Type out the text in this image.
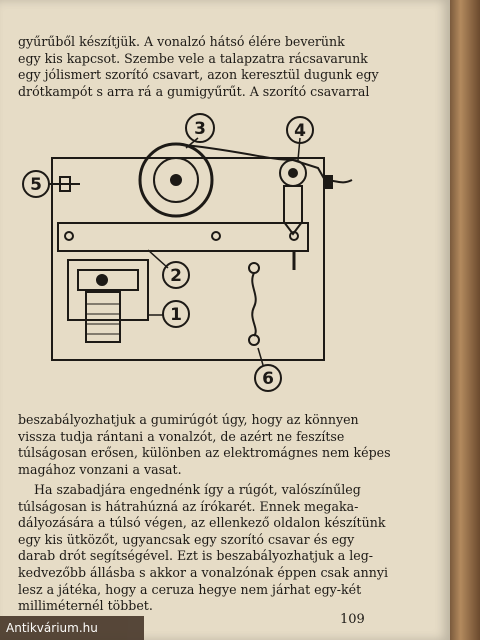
gyűrűből készítjük. A vonalzó hátsó élére beverünk
egy kis kapcsot. Szembe vele a talapzatra rácsavarunk
egy jólismert szorító csavart, azon keresztül dugunk egy
drótkampót s arra rá a gumigyűrűt. A szorító csavarral

1
2
3	4
5
6

beszabályozhatjuk a gumirúgót úgy, hogy az könnyen
vissza tudja rántani a vonalzót, de azért ne feszítse
túlságosan erősen, különben az elektromágnes nem képes
magához vonzani a vasat.

Ha szabadjára engednénk így a rúgót, valószínűleg
túlságosan is hátrahúzná az írókarét. Ennek megaka-
dályozására a túlsó végen, az ellenkező oldalon készítünk
egy kis ütközőt, ugyancsak egy szorító csavar és egy
darab drót segítségével. Ezt is beszabályozhatjuk a leg-
kedvezőbb állásba s akkor a vonalzónak éppen csak annyi
lesz a játéka, hogy a ceruza hegye nem járhat egy-két
milliméternél többet.

109
Antikvárium.hu
